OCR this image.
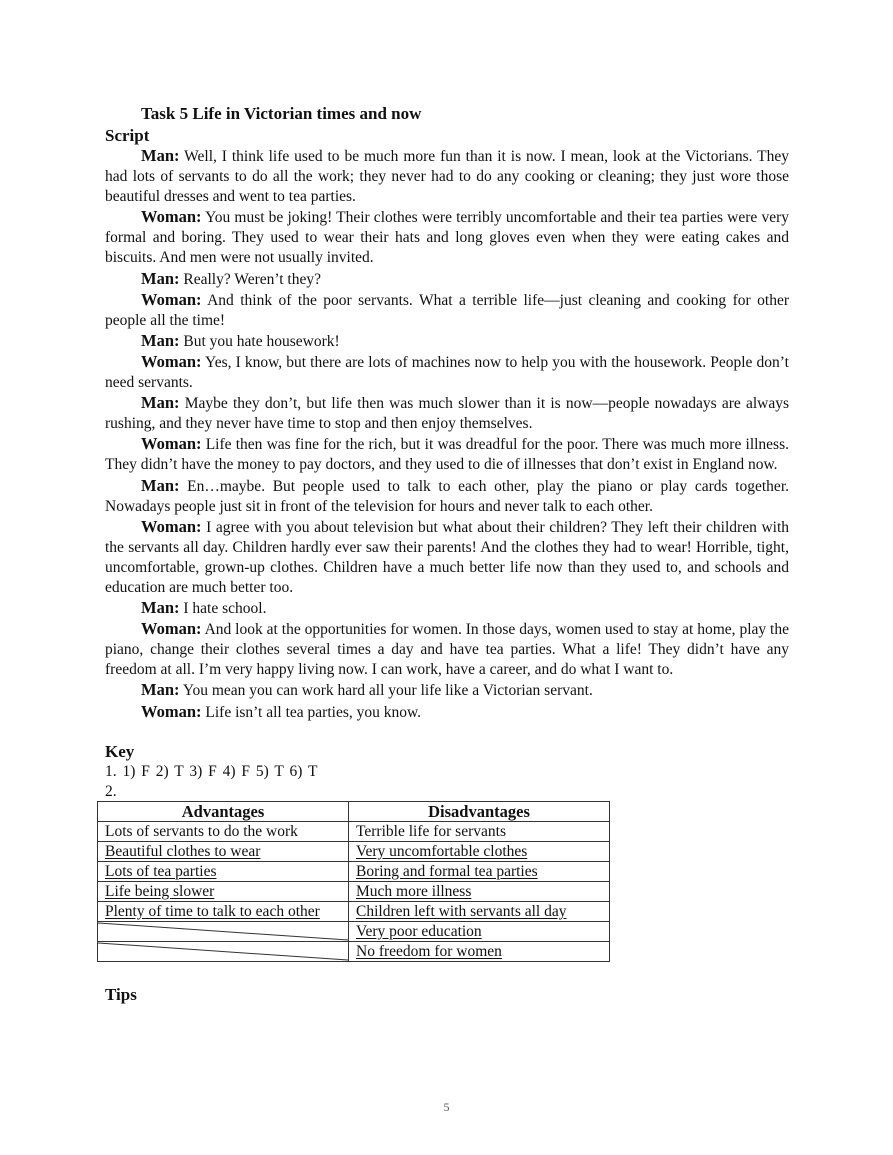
Task 5 Life in Victorian times and now

Script

Man: Well, I think life used to be much more fun than it is now. I mean, look at the Victorians. They had lots of servants to do all the work; they never had to do any cooking or cleaning; they just wore those beautiful dresses and went to tea parties.

Woman: You must be joking! Their clothes were terribly uncomfortable and their tea parties were very formal and boring. They used to wear their hats and long gloves even when they were eating cakes and biscuits. And men were not usually invited.

Man: Really? Weren’t they?

Woman: And think of the poor servants. What a terrible life—just cleaning and cooking for other people all the time!

Man: But you hate housework!

Woman: Yes, I know, but there are lots of machines now to help you with the housework. People don’t need servants.

Man: Maybe they don’t, but life then was much slower than it is now—people nowadays are always rushing, and they never have time to stop and then enjoy themselves.

Woman: Life then was fine for the rich, but it was dreadful for the poor. There was much more illness. They didn’t have the money to pay doctors, and they used to die of illnesses that don’t exist in England now.

Man: En…maybe. But people used to talk to each other, play the piano or play cards together. Nowadays people just sit in front of the television for hours and never talk to each other.

Woman: I agree with you about television but what about their children? They left their children with the servants all day. Children hardly ever saw their parents! And the clothes they had to wear! Horrible, tight, uncomfortable, grown-up clothes. Children have a much better life now than they used to, and schools and education are much better too.

Man: I hate school.

Woman: And look at the opportunities for women. In those days, women used to stay at home, play the piano, change their clothes several times a day and have tea parties. What a life! They didn’t have any freedom at all. I’m very happy living now. I can work, have a career, and do what I want to.

Man: You mean you can work hard all your life like a Victorian servant.

Woman: Life isn’t all tea parties, you know.

Key

1. 1) F 2) T 3) F 4) F 5) T 6) T

2.

Advantages	Disadvantages
Lots of servants to do the work	Terrible life for servants
Beautiful clothes to wear	Very uncomfortable clothes
Lots of tea parties	Boring and formal tea parties
Life being slower	Much more illness
Plenty of time to talk to each other	Children left with servants all day

	Very poor education

	No freedom for women

Tips

5
